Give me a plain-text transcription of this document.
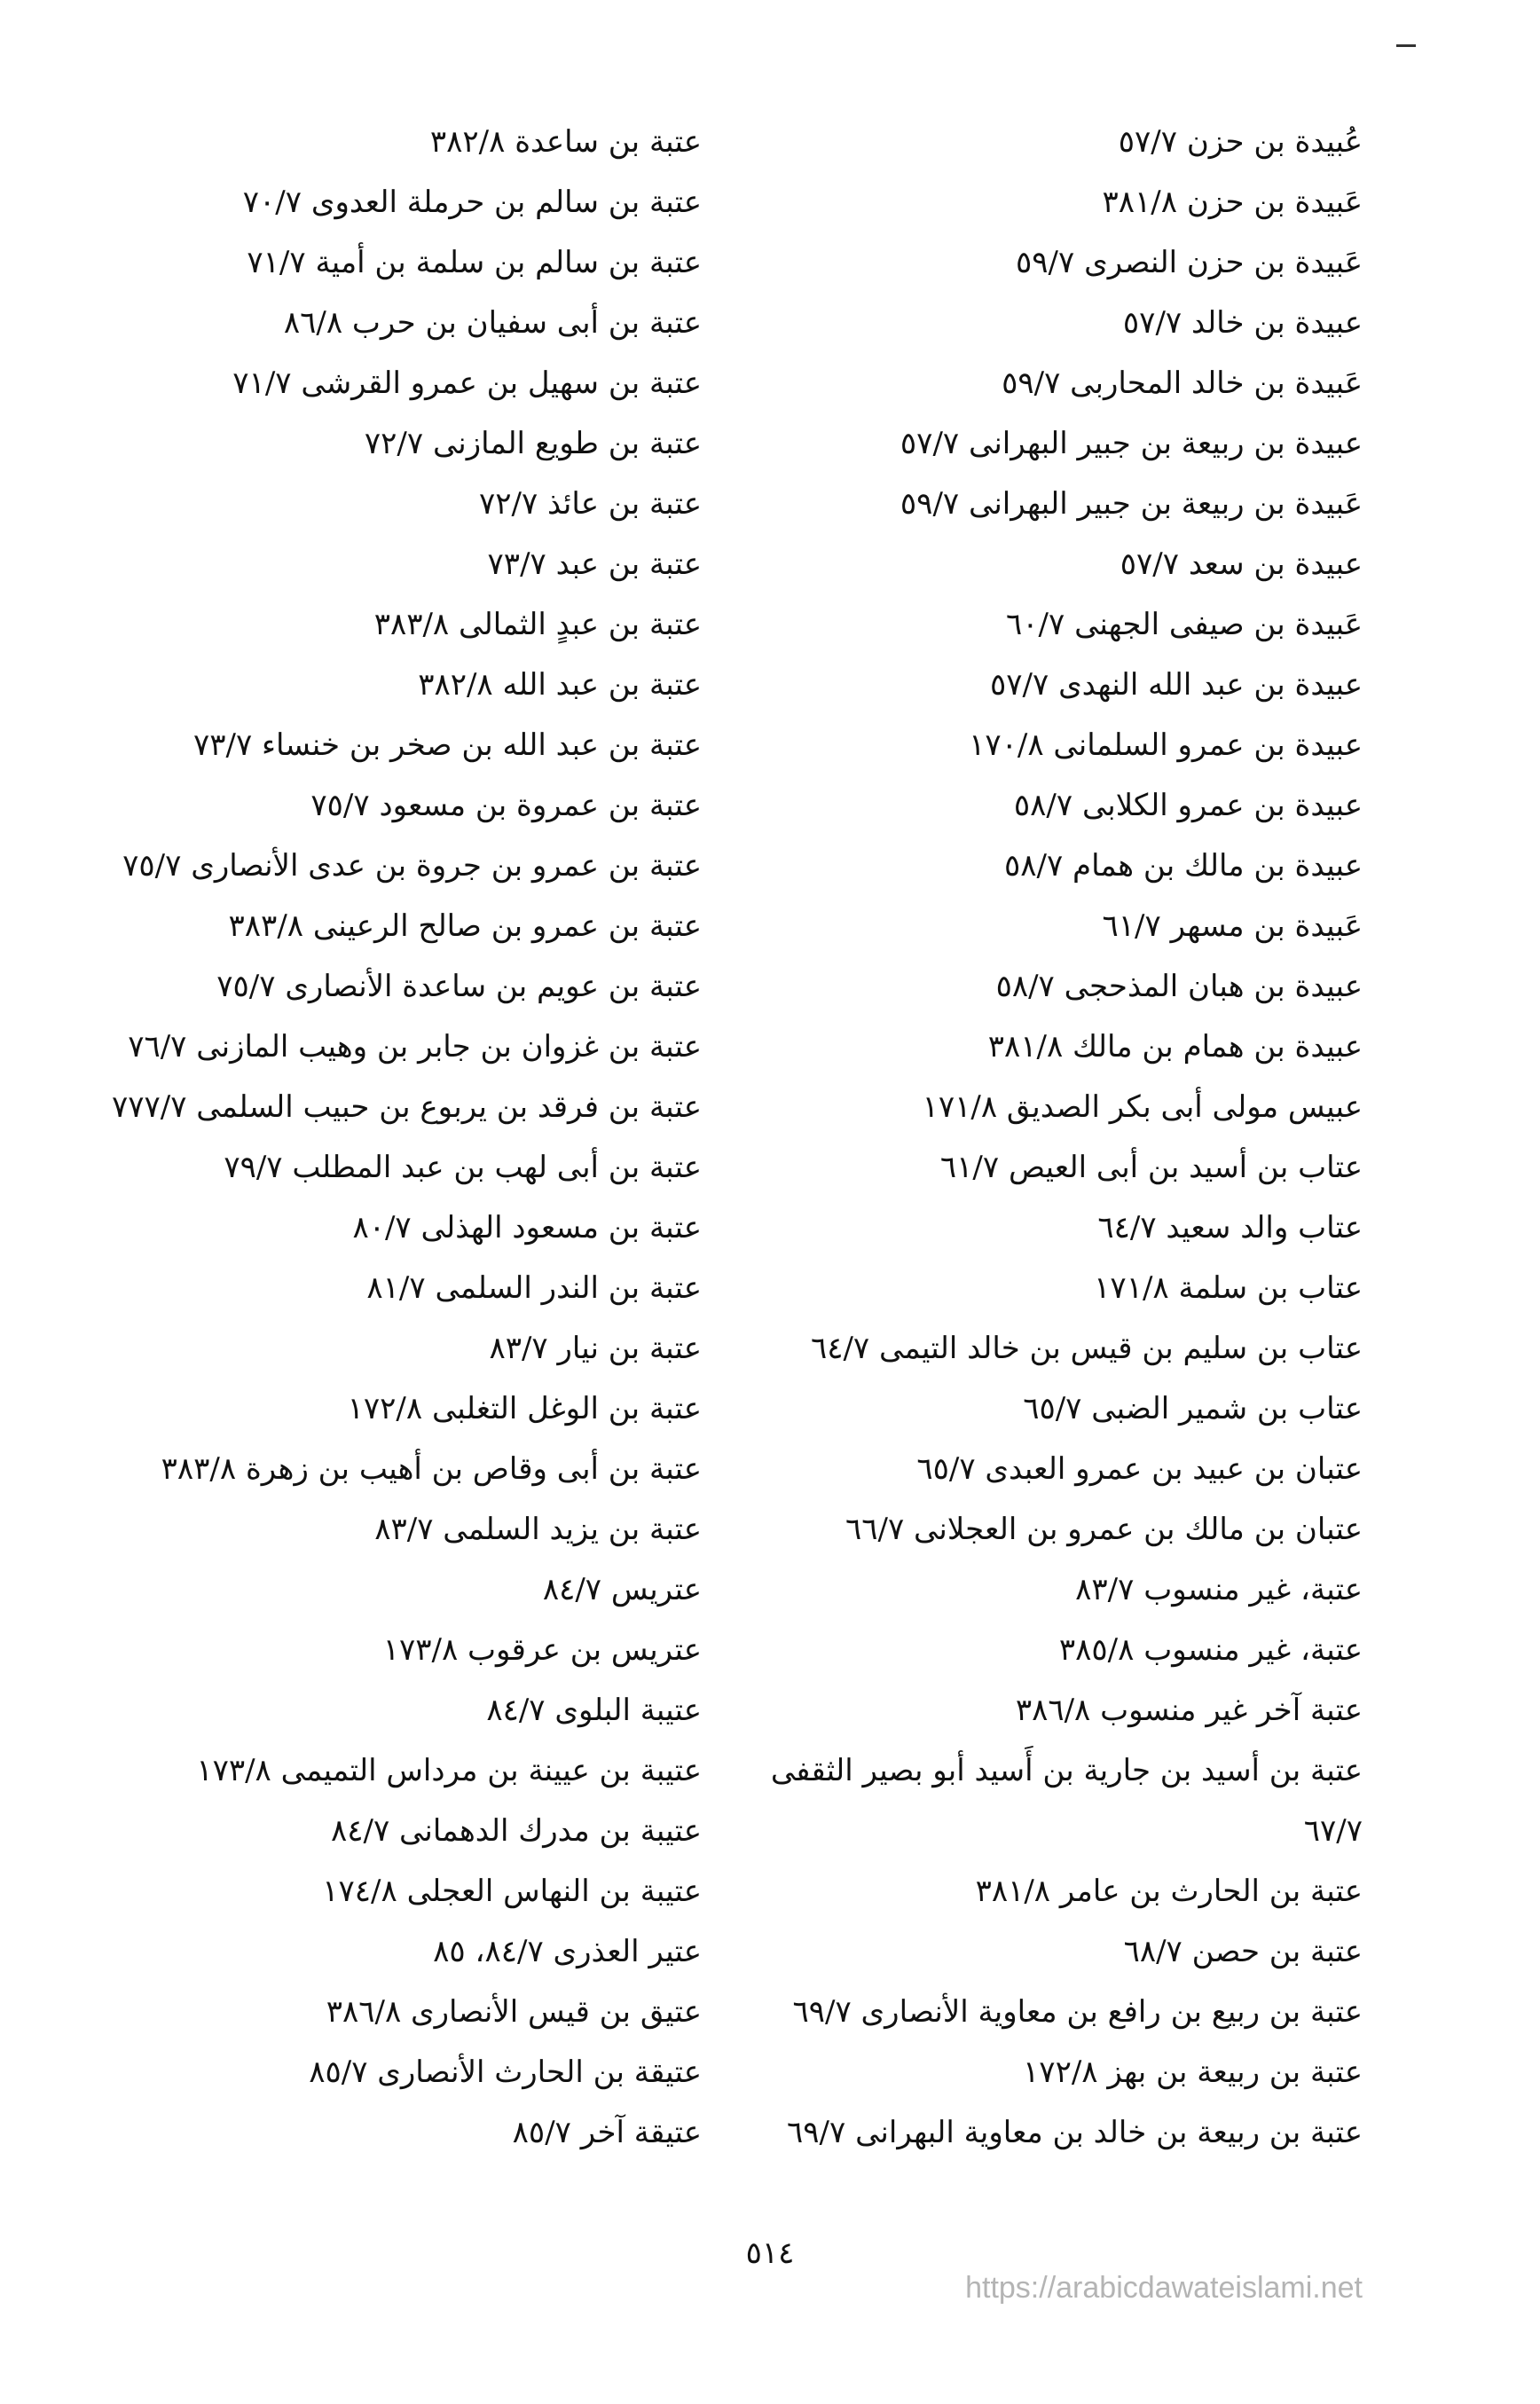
عُبيدة بن حزن ٥٧/٧
عَبيدة بن حزن ٣٨١/٨
عَبيدة بن حزن النصرى ٥٩/٧
عبيدة بن خالد ٥٧/٧
عَبيدة بن خالد المحاربى ٥٩/٧
عبيدة بن ربيعة بن جبير البهرانى ٥٧/٧
عَبيدة بن ربيعة بن جبير البهرانى ٥٩/٧
عبيدة بن سعد ٥٧/٧
عَبيدة بن صيفى الجهنى ٦٠/٧
عبيدة بن عبد الله النهدى ٥٧/٧
عبيدة بن عمرو السلمانى ١٧٠/٨
عبيدة بن عمرو الكلابى ٥٨/٧
عبيدة بن مالك بن همام ٥٨/٧
عَبيدة بن مسهر ٦١/٧
عبيدة بن هبان المذحجى ٥٨/٧
عبيدة بن همام بن مالك ٣٨١/٨
عبيس مولى أبى بكر الصديق ١٧١/٨
عتاب بن أسيد بن أبى العيص ٦١/٧
عتاب والد سعيد ٦٤/٧
عتاب بن سلمة ١٧١/٨
عتاب بن سليم بن قيس بن خالد التيمى ٦٤/٧
عتاب بن شمير الضبى ٦٥/٧
عتبان بن عبيد بن عمرو العبدى ٦٥/٧
عتبان بن مالك بن عمرو بن العجلانى ٦٦/٧
عتبة، غير منسوب ٨٣/٧
عتبة، غير منسوب ٣٨٥/٨
عتبة آخر غير منسوب ٣٨٦/٨
عتبة بن أسيد بن جارية بن أَسيد أبو بصير الثقفى ٦٧/٧
عتبة بن الحارث بن عامر ٣٨١/٨
عتبة بن حصن ٦٨/٧
عتبة بن ربيع بن رافع بن معاوية الأنصارى ٦٩/٧
عتبة بن ربيعة بن بهز ١٧٢/٨
عتبة بن ربيعة بن خالد بن معاوية البهرانى ٦٩/٧
عتبة بن ساعدة ٣٨٢/٨
عتبة بن سالم بن حرملة العدوى ٧٠/٧
عتبة بن سالم بن سلمة بن أمية ٧١/٧
عتبة بن أبى سفيان بن حرب ٨٦/٨
عتبة بن سهيل بن عمرو القرشى ٧١/٧
عتبة بن طويع المازنى ٧٢/٧
عتبة بن عائذ ٧٢/٧
عتبة بن عبد ٧٣/٧
عتبة بن عبدٍ الثمالى ٣٨٣/٨
عتبة بن عبد الله ٣٨٢/٨
عتبة بن عبد الله بن صخر بن خنساء ٧٣/٧
عتبة بن عمروة بن مسعود ٧٥/٧
عتبة بن عمرو بن جروة بن عدى الأنصارى ٧٥/٧
عتبة بن عمرو بن صالح الرعينى ٣٨٣/٨
عتبة بن عويم بن ساعدة الأنصارى ٧٥/٧
عتبة بن غزوان بن جابر بن وهيب المازنى ٧٦/٧
عتبة بن فرقد بن يربوع بن حبيب السلمى ٧٧٧/٧
عتبة بن أبى لهب بن عبد المطلب ٧٩/٧
عتبة بن مسعود الهذلى ٨٠/٧
عتبة بن الندر السلمى ٨١/٧
عتبة بن نيار ٨٣/٧
عتبة بن الوغل التغلبى ١٧٢/٨
عتبة بن أبى وقاص بن أهيب بن زهرة ٣٨٣/٨
عتبة بن يزيد السلمى ٨٣/٧
عتريس ٨٤/٧
عتريس بن عرقوب ١٧٣/٨
عتيبة البلوى ٨٤/٧
عتيبة بن عيينة بن مرداس التميمى ١٧٣/٨
عتيبة بن مدرك الدهمانى ٨٤/٧
عتيبة بن النهاس العجلى ١٧٤/٨
عتير العذرى ٨٤/٧، ٨٥
عتيق بن قيس الأنصارى ٣٨٦/٨
عتيقة بن الحارث الأنصارى ٨٥/٧
عتيقة آخر ٨٥/٧
٥١٤
https://arabicdawateislami.net
